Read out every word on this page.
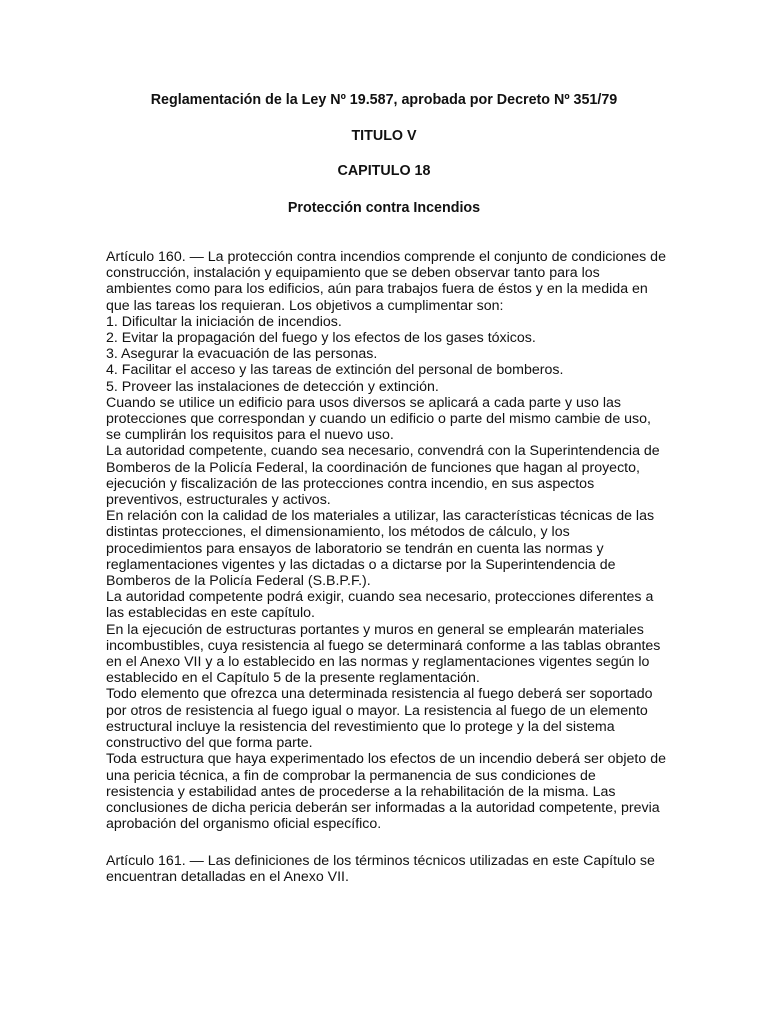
Reglamentación de la Ley Nº 19.587, aprobada por Decreto Nº 351/79

TITULO V

CAPITULO 18

Protección contra Incendios

Artículo 160. — La protección contra incendios comprende el conjunto de condiciones de construcción, instalación y equipamiento que se deben observar tanto para los ambientes como para los edificios, aún para trabajos fuera de éstos y en la medida en que las tareas los requieran. Los objetivos a cumplimentar son:

1. Dificultar la iniciación de incendios.

2. Evitar la propagación del fuego y los efectos de los gases tóxicos.

3. Asegurar la evacuación de las personas.

4. Facilitar el acceso y las tareas de extinción del personal de bomberos.

5. Proveer las instalaciones de detección y extinción.

Cuando se utilice un edificio para usos diversos se aplicará a cada parte y uso las protecciones que correspondan y cuando un edificio o parte del mismo cambie de uso, se cumplirán los requisitos para el nuevo uso.

La autoridad competente, cuando sea necesario, convendrá con la Superintendencia de Bomberos de la Policía Federal, la coordinación de funciones que hagan al proyecto, ejecución y fiscalización de las protecciones contra incendio, en sus aspectos preventivos, estructurales y activos.

En relación con la calidad de los materiales a utilizar, las características técnicas de las distintas protecciones, el dimensionamiento, los métodos de cálculo, y los procedimientos para ensayos de laboratorio se tendrán en cuenta las normas y reglamentaciones vigentes y las dictadas o a dictarse por la Superintendencia de Bomberos de la Policía Federal (S.B.P.F.).

La autoridad competente podrá exigir, cuando sea necesario, protecciones diferentes a las establecidas en este capítulo.

En la ejecución de estructuras portantes y muros en general se emplearán materiales incombustibles, cuya resistencia al fuego se determinará conforme a las tablas obrantes en el Anexo VII y a lo establecido en las normas y reglamentaciones vigentes según lo establecido en el Capítulo 5 de la presente reglamentación.

Todo elemento que ofrezca una determinada resistencia al fuego deberá ser soportado por otros de resistencia al fuego igual o mayor. La resistencia al fuego de un elemento estructural incluye la resistencia del revestimiento que lo protege y la del sistema constructivo del que forma parte.

Toda estructura que haya experimentado los efectos de un incendio deberá ser objeto de una pericia técnica, a fin de comprobar la permanencia de sus condiciones de resistencia y estabilidad antes de procederse a la rehabilitación de la misma. Las conclusiones de dicha pericia deberán ser informadas a la autoridad competente, previa aprobación del organismo oficial específico.

Artículo 161. — Las definiciones de los términos técnicos utilizadas en este Capítulo se encuentran detalladas en el Anexo VII.
